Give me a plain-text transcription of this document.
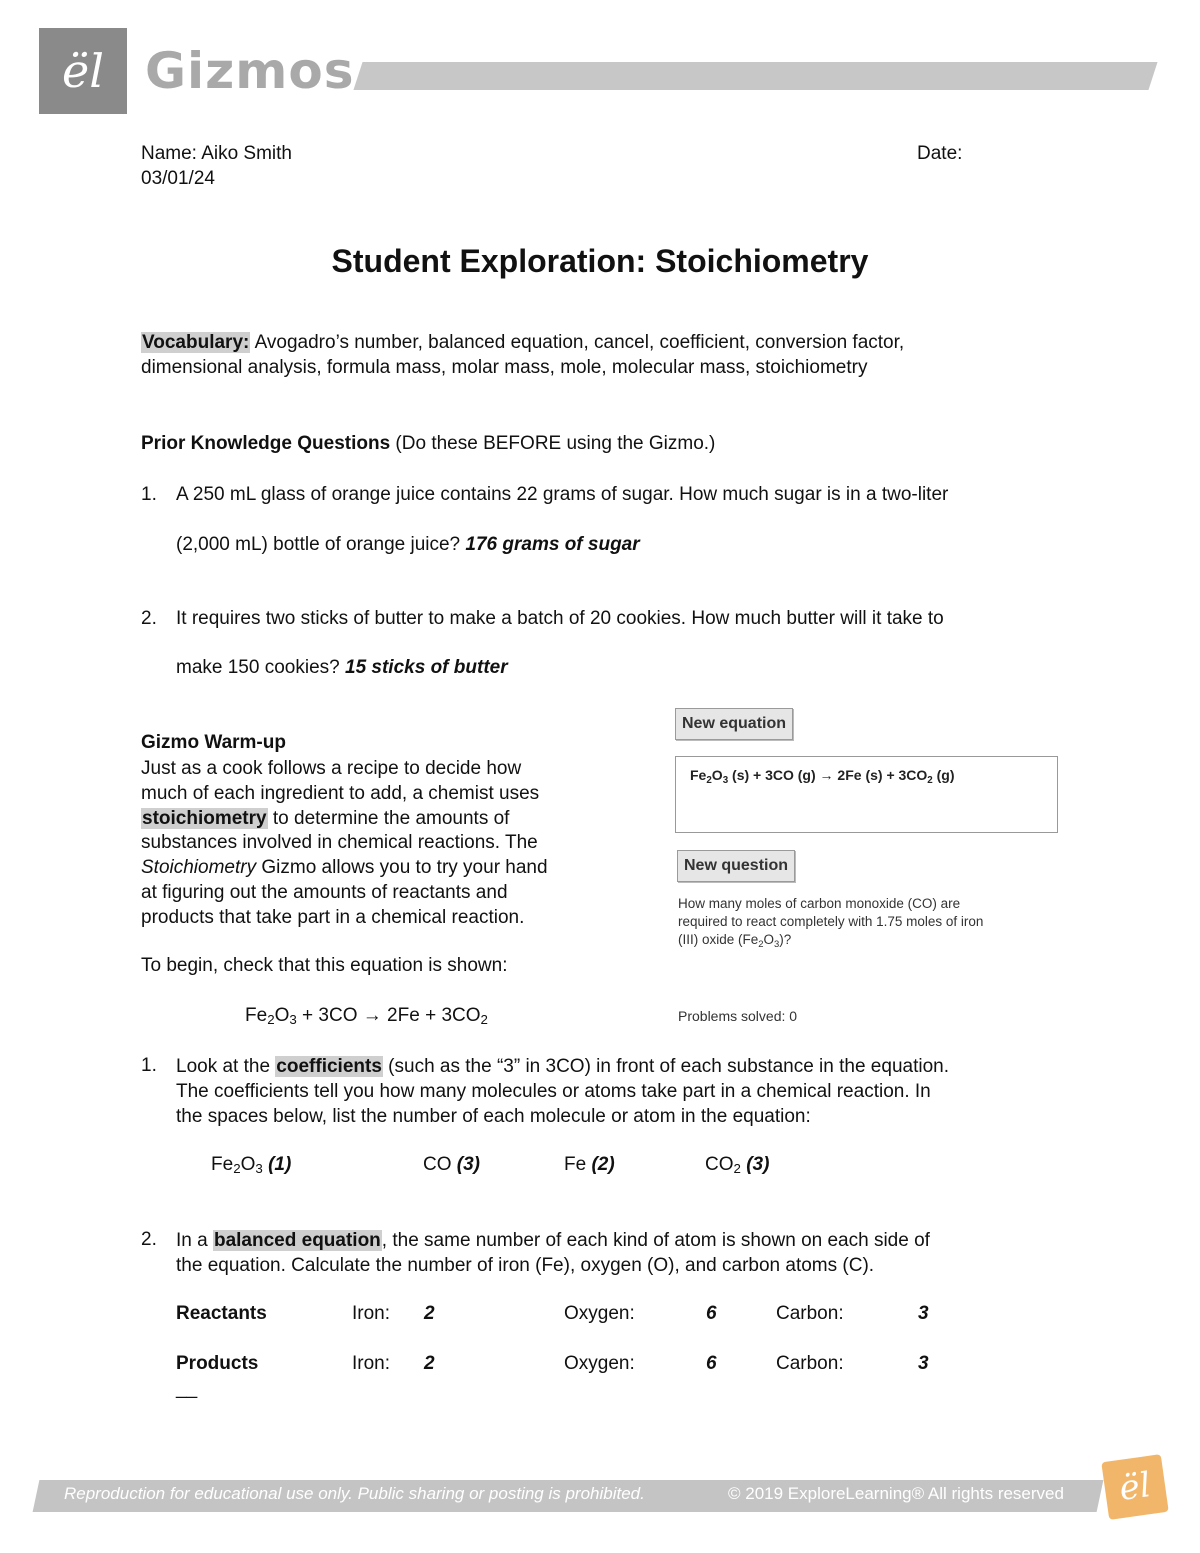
ël Gizmos
Name: Aiko Smith	Date:
03/01/24
Student Exploration: Stoichiometry
Vocabulary: Avogadro’s number, balanced equation, cancel, coefficient, conversion factor,
dimensional analysis, formula mass, molar mass, mole, molecular mass, stoichiometry
Prior Knowledge Questions (Do these BEFORE using the Gizmo.)
1. A 250 mL glass of orange juice contains 22 grams of sugar. How much sugar is in a two-liter
(2,000 mL) bottle of orange juice? 176 grams of sugar
2. It requires two sticks of butter to make a batch of 20 cookies. How much butter will it take to
make 150 cookies? 15 sticks of butter
Gizmo Warm-up
Just as a cook follows a recipe to decide how
much of each ingredient to add, a chemist uses
stoichiometry to determine the amounts of
substances involved in chemical reactions. The
Stoichiometry Gizmo allows you to try your hand
at figuring out the amounts of reactants and
products that take part in a chemical reaction.
To begin, check that this equation is shown:
$Fe_2O_3 + 3CO \to 2Fe + 3CO_2$
New equation
$Fe_2O_3$ (s) + 3CO (g) → 2Fe $(s) + 3CO_2$ (g)
New question
How many moles of carbon monoxide (CO) are
required to react completely with 1.75 moles of iron
(III) oxide $(Fe_2O_3)$?
Problems solved: 0
1. Look at the coefficients (such as the “3” in 3CO) in front of each substance in the equation.
The coefficients tell you how many molecules or atoms take part in a chemical reaction. In
the spaces below, list the number of each molecule or atom in the equation:
$Fe_2O_3$ (1)	CO (3)	Fe (2)	$CO_2$ (3)
2. In a balanced equation, the same number of each kind of atom is shown on each side of
the equation. Calculate the number of iron (Fe), oxygen (O), and carbon atoms (C).
Reactants	Iron: 2	Oxygen:	6	Carbon:	3
Products	Iron: 2	Oxygen:	6	Carbon:	3
__
Reproduction for educational use only. Public sharing or posting is prohibited.	© 2019 ExploreLearning® All rights reserved	ël
